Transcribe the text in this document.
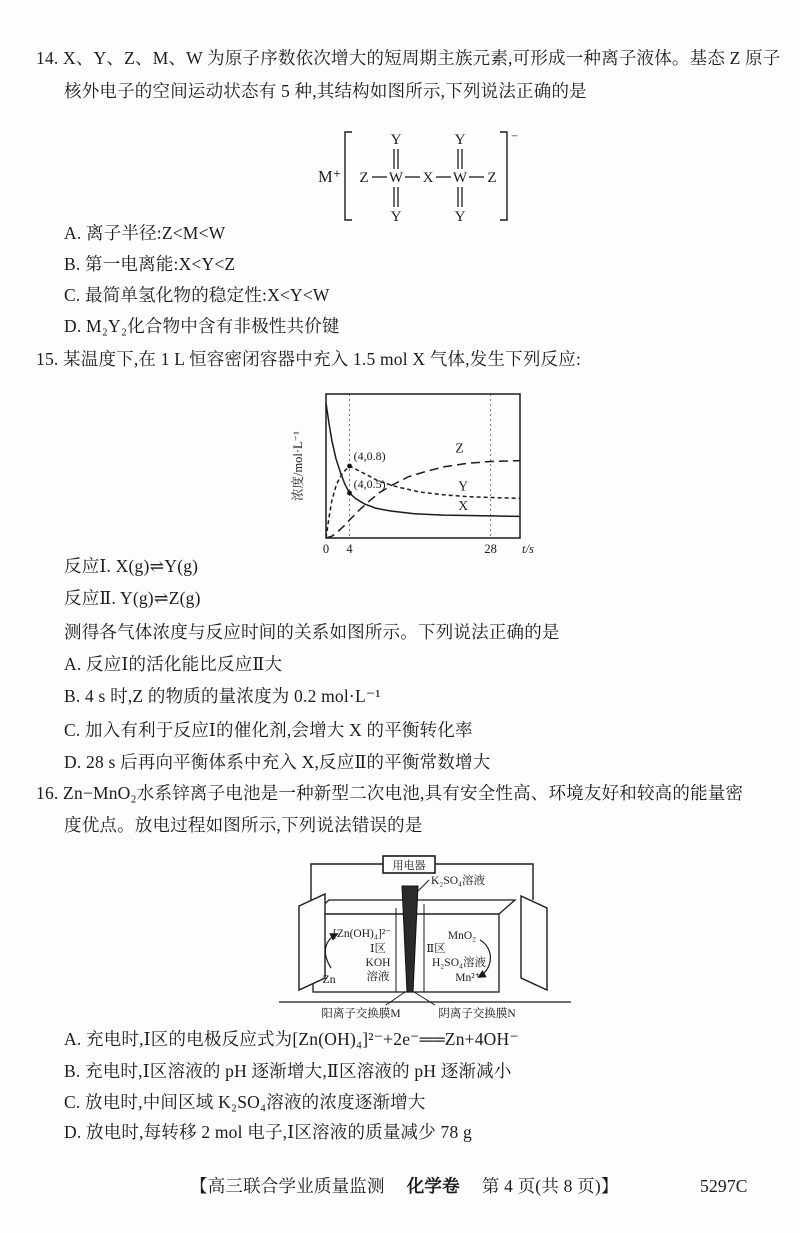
14. X、Y、Z、M、W 为原子序数依次增大的短周期主族元素,可形成一种离子液体。基态 Z 原子
核外电子的空间运动状态有 5 种,其结构如图所示,下列说法正确的是
M⁺
−
Z W X W Z
Y	Y
Y	Y
A. 离子半径:Z<M<W
B. 第一电离能:X<Y<Z
C. 最简单氢化物的稳定性:X<Y<W
D. M₂Y₂化合物中含有非极性共价键
15. 某温度下,在 1 L 恒容密闭容器中充入 1.5 mol X 气体,发生下列反应:
0 4	28 t/s
浓度/mol·L⁻¹	(4,0.8)
(4,0.5)
Z
Y
X
反应Ⅰ. X(g)⇌Y(g)
反应Ⅱ. Y(g)⇌Z(g)
测得各气体浓度与反应时间的关系如图所示。下列说法正确的是
A. 反应Ⅰ的活化能比反应Ⅱ大
B. 4 s 时,Z 的物质的量浓度为 0.2 mol·L⁻¹
C. 加入有利于反应Ⅰ的催化剂,会增大 X 的平衡转化率
D. 28 s 后再向平衡体系中充入 X,反应Ⅱ的平衡常数增大
16. Zn−MnO₂水系锌离子电池是一种新型二次电池,具有安全性高、环境友好和较高的能量密
度优点。放电过程如图所示,下列说法错误的是
用电器
K₂SO₄溶液
[Zn(OH)₄]²⁻
Ⅰ区
KOH
溶液
Zn
MnO₂
Ⅱ区
H₂SO₄溶液
Mn²⁺
阳离子交换膜M	阴离子交换膜N
A. 充电时,Ⅰ区的电极反应式为[Zn(OH)₄]²⁻+2e⁻══Zn+4OH⁻
B. 充电时,Ⅰ区溶液的 pH 逐渐增大,Ⅱ区溶液的 pH 逐渐减小
C. 放电时,中间区域 K₂SO₄溶液的浓度逐渐增大
D. 放电时,每转移 2 mol 电子,Ⅰ区溶液的质量减少 78 g
【高三联合学业质量监测 化学卷 第 4 页(共 8 页)】	5297C
